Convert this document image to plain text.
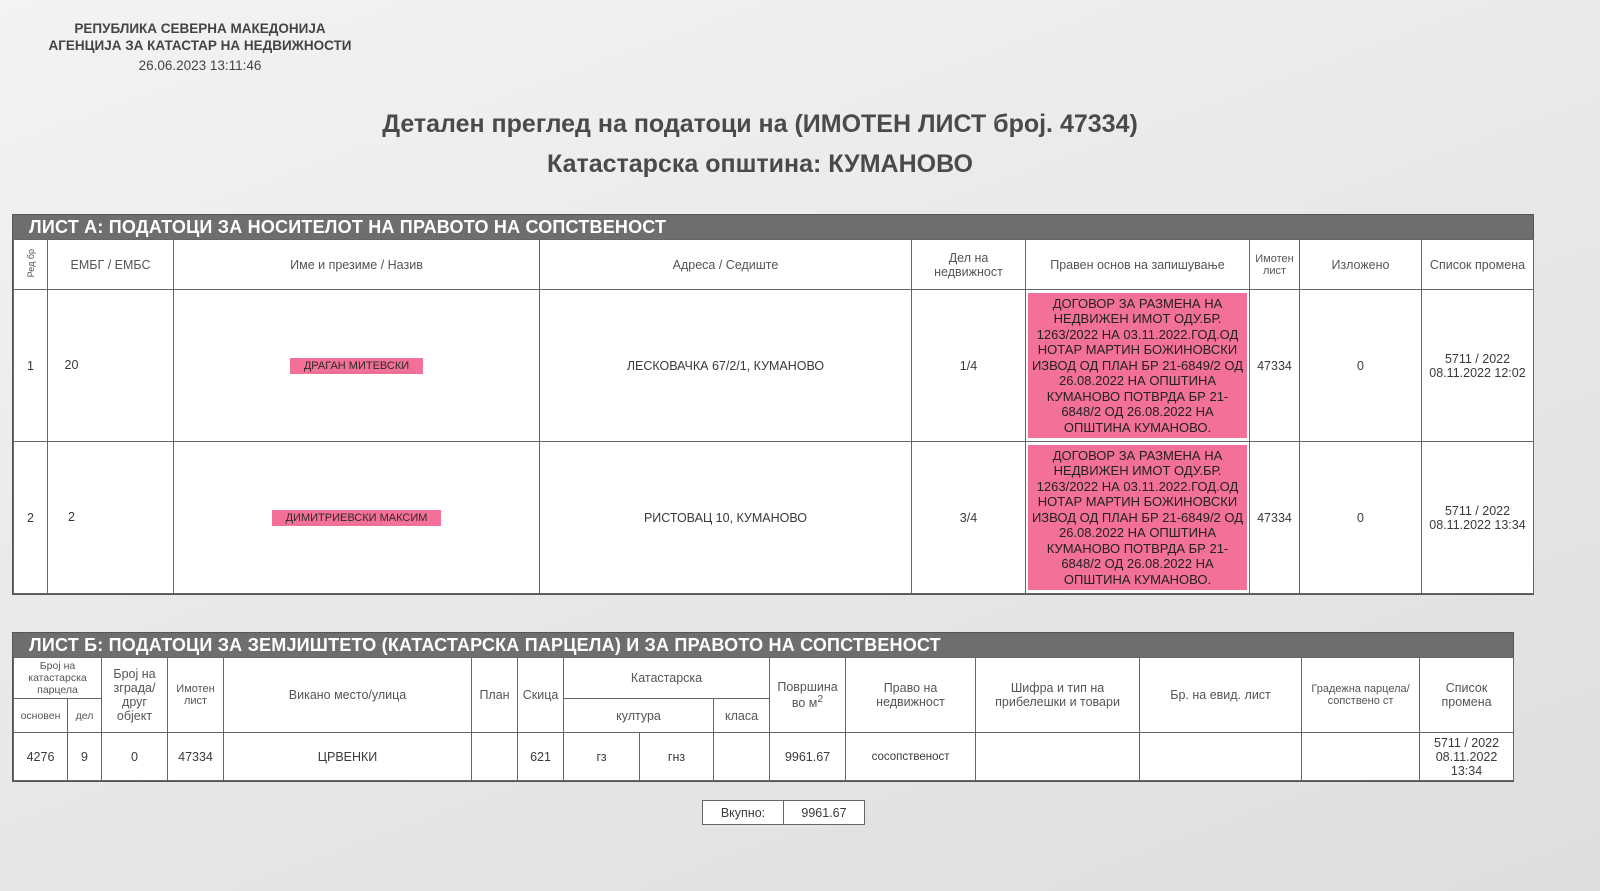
РЕПУБЛИКА СЕВЕРНА МАКЕДОНИЈА
АГЕНЦИЈА ЗА КАТАСТАР НА НЕДВИЖНОСТИ
26.06.2023 13:11:46
Детален преглед на податоци на (ИМОТЕН ЛИСТ број. 47334)
Катастарска општина: КУМАНОВО
ЛИСТ А: ПОДАТОЦИ ЗА НОСИТЕЛОТ НА ПРАВОТО НА СОПСТВЕНОСТ
Ред бр	ЕМБГ / ЕМБС	Име и презиме / Назив	Адреса / Седиште	Дел на недвижност	Правен основ на запишување	Имотен лист	Изложено	Список промена
1	20	ДРАГАН МИТЕВСКИ	ЛЕСКОВАЧКА 67/2/1, КУМАНОВО	1/4	ДОГОВОР ЗА РАЗМЕНА НА НЕДВИЖЕН ИМОТ ОДУ.БР. 1263/2022 НА 03.11.2022.ГОД.ОД НОТАР МАРТИН БОЖИНОВСКИ ИЗВОД ОД ПЛАН БР 21-6849/2 ОД 26.08.2022 НА ОПШТИНА КУМАНОВО ПОТВРДА БР 21-6848/2 ОД 26.08.2022 НА ОПШТИНА КУМАНОВО.	47334	0	5711 / 2022 08.11.2022 12:02
2	2	ДИМИТРИЕВСКИ МАКСИМ	РИСТОВАЦ 10, КУМАНОВО	3/4	ДОГОВОР ЗА РАЗМЕНА НА НЕДВИЖЕН ИМОТ ОДУ.БР. 1263/2022 НА 03.11.2022.ГОД.ОД НОТАР МАРТИН БОЖИНОВСКИ ИЗВОД ОД ПЛАН БР 21-6849/2 ОД 26.08.2022 НА ОПШТИНА КУМАНОВО ПОТВРДА БР 21-6848/2 ОД 26.08.2022 НА ОПШТИНА КУМАНОВО.	47334	0	5711 / 2022 08.11.2022 13:34
ЛИСТ Б: ПОДАТОЦИ ЗА ЗЕМЈИШТЕТО (КАТАСТАРСКА ПАРЦЕЛА) И ЗА ПРАВОТО НА СОПСТВЕНОСТ
Број на катастарска парцела		Број на зграда/ друг објект	Имотен лист	Викано место/улица	План	Скица	Катастарска			Површина во $м^2$	Право на недвижност	Шифра и тип на прибелешки и товари	Бр. на евид. лист	Градежна парцела/сопствено ст	Список промена
основен	дел						култура		класа						
4276	9	0	47334	ЦРВЕНКИ		621	гз	гнз		9961.67	сосопственост				5711 / 2022 08.11.2022 13:34
Вкупно:	9961.67
